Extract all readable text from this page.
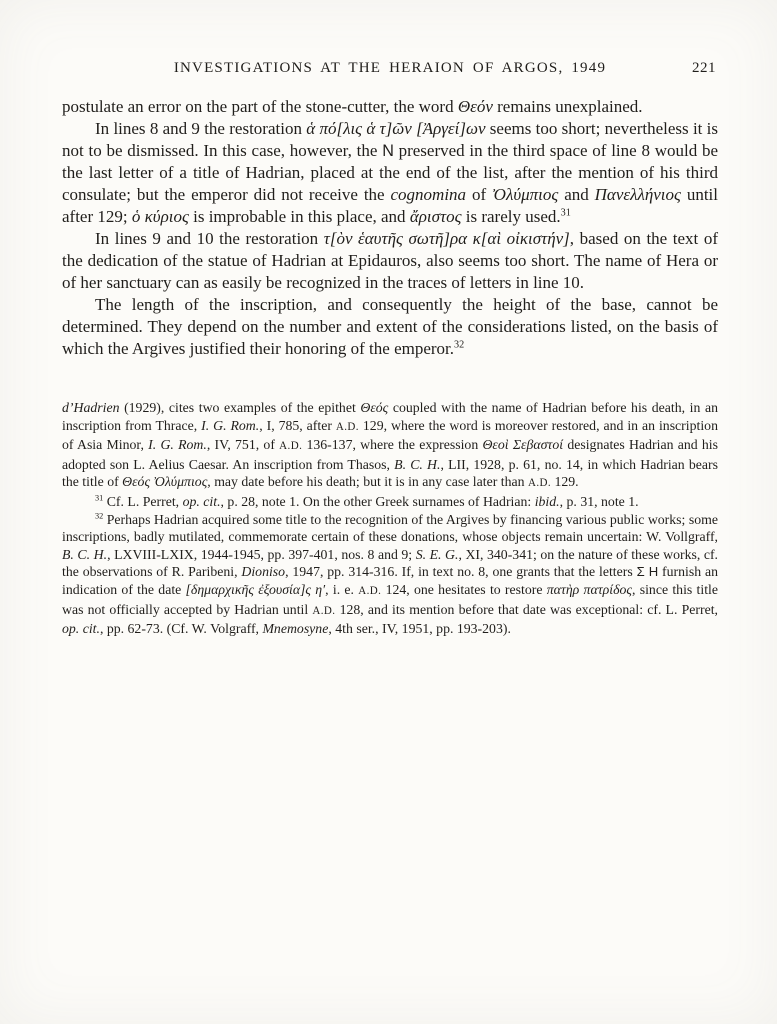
INVESTIGATIONS AT THE HERAION OF ARGOS, 1949	221

postulate an error on the part of the stone-cutter, the word Θεόν remains unexplained.

In lines 8 and 9 the restoration ἁ πό[λις ἁ τ]ῶν [Ἀργεί]ων seems too short; nevertheless it is not to be dismissed. In this case, however, the N preserved in the third space of line 8 would be the last letter of a title of Hadrian, placed at the end of the list, after the mention of his third consulate; but the emperor did not receive the cognomina of Ὀλύμπιος and Πανελλήνιος until after 129; ὁ κύριος is improbable in this place, and ἄριστος is rarely used.$^{31}$

In lines 9 and 10 the restoration τ[ὸν ἑαυτῆς σωτῆ]ρα κ[αὶ οἰκιστήν], based on the text of the dedication of the statue of Hadrian at Epidauros, also seems too short. The name of Hera or of her sanctuary can as easily be recognized in the traces of letters in line 10.

The length of the inscription, and consequently the height of the base, cannot be determined. They depend on the number and extent of the considerations listed, on the basis of which the Argives justified their honoring of the emperor.$^{32}$

d’Hadrien (1929), cites two examples of the epithet Θεός coupled with the name of Hadrian before his death, in an inscription from Thrace, I. G. Rom., I, 785, after A.D. 129, where the word is moreover restored, and in an inscription of Asia Minor, I. G. Rom., IV, 751, of A.D. 136-137, where the expression Θεοὶ Σεβαστοί designates Hadrian and his adopted son L. Aelius Caesar. An inscription from Thasos, B. C. H., LII, 1928, p. 61, no. 14, in which Hadrian bears the title of Θεός Ὀλύμπιος, may date before his death; but it is in any case later than A.D. 129.

$^{31}$ Cf. L. Perret, op. cit., p. 28, note 1. On the other Greek surnames of Hadrian: ibid., p. 31, note 1.

$^{32}$ Perhaps Hadrian acquired some title to the recognition of the Argives by financing various public works; some inscriptions, badly mutilated, commemorate certain of these donations, whose objects remain uncertain: W. Vollgraff, B. C. H., LXVIII-LXIX, 1944-1945, pp. 397-401, nos. 8 and 9; S. E. G., XI, 340-341; on the nature of these works, cf. the observations of R. Paribeni, Dioniso, 1947, pp. 314-316. If, in text no. 8, one grants that the letters Σ H furnish an indication of the date [δημαρχικῆς ἐξουσία]ς η′, i. e. A.D. 124, one hesitates to restore πατὴρ πατρίδος, since this title was not officially accepted by Hadrian until A.D. 128, and its mention before that date was exceptional: cf. L. Perret, op. cit., pp. 62-73. (Cf. W. Volgraff, Mnemosyne, 4th ser., IV, 1951, pp. 193-203).
